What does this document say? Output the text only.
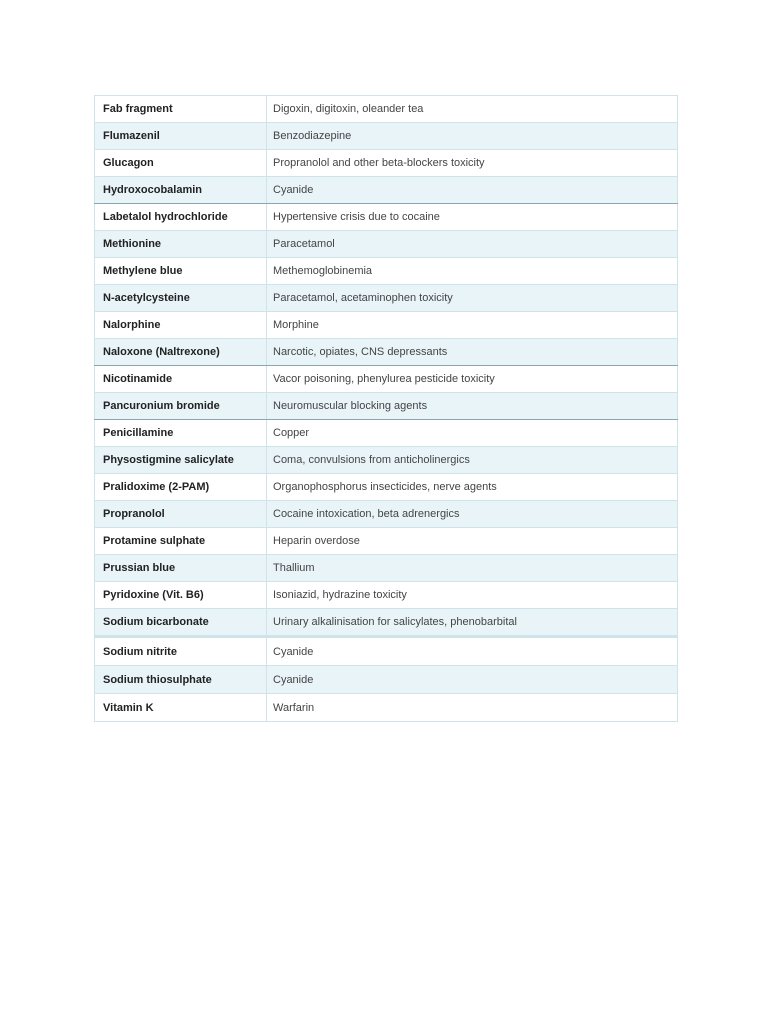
Fab fragment	Digoxin, digitoxin, oleander tea
Flumazenil	Benzodiazepine
Glucagon	Propranolol and other beta-blockers toxicity
Hydroxocobalamin	Cyanide
Labetalol hydrochloride	Hypertensive crisis due to cocaine
Methionine	Paracetamol
Methylene blue	Methemoglobinemia
N-acetylcysteine	Paracetamol, acetaminophen toxicity
Nalorphine	Morphine
Naloxone (Naltrexone)	Narcotic, opiates, CNS depressants
Nicotinamide	Vacor poisoning, phenylurea pesticide toxicity
Pancuronium bromide	Neuromuscular blocking agents
Penicillamine	Copper
Physostigmine salicylate	Coma, convulsions from anticholinergics
Pralidoxime (2-PAM)	Organophosphorus insecticides, nerve agents
Propranolol	Cocaine intoxication, beta adrenergics
Protamine sulphate	Heparin overdose
Prussian blue	Thallium
Pyridoxine (Vit. B6)	Isoniazid, hydrazine toxicity
Sodium bicarbonate	Urinary alkalinisation for salicylates, phenobarbital
Sodium nitrite	Cyanide
Sodium thiosulphate	Cyanide
Vitamin K	Warfarin
